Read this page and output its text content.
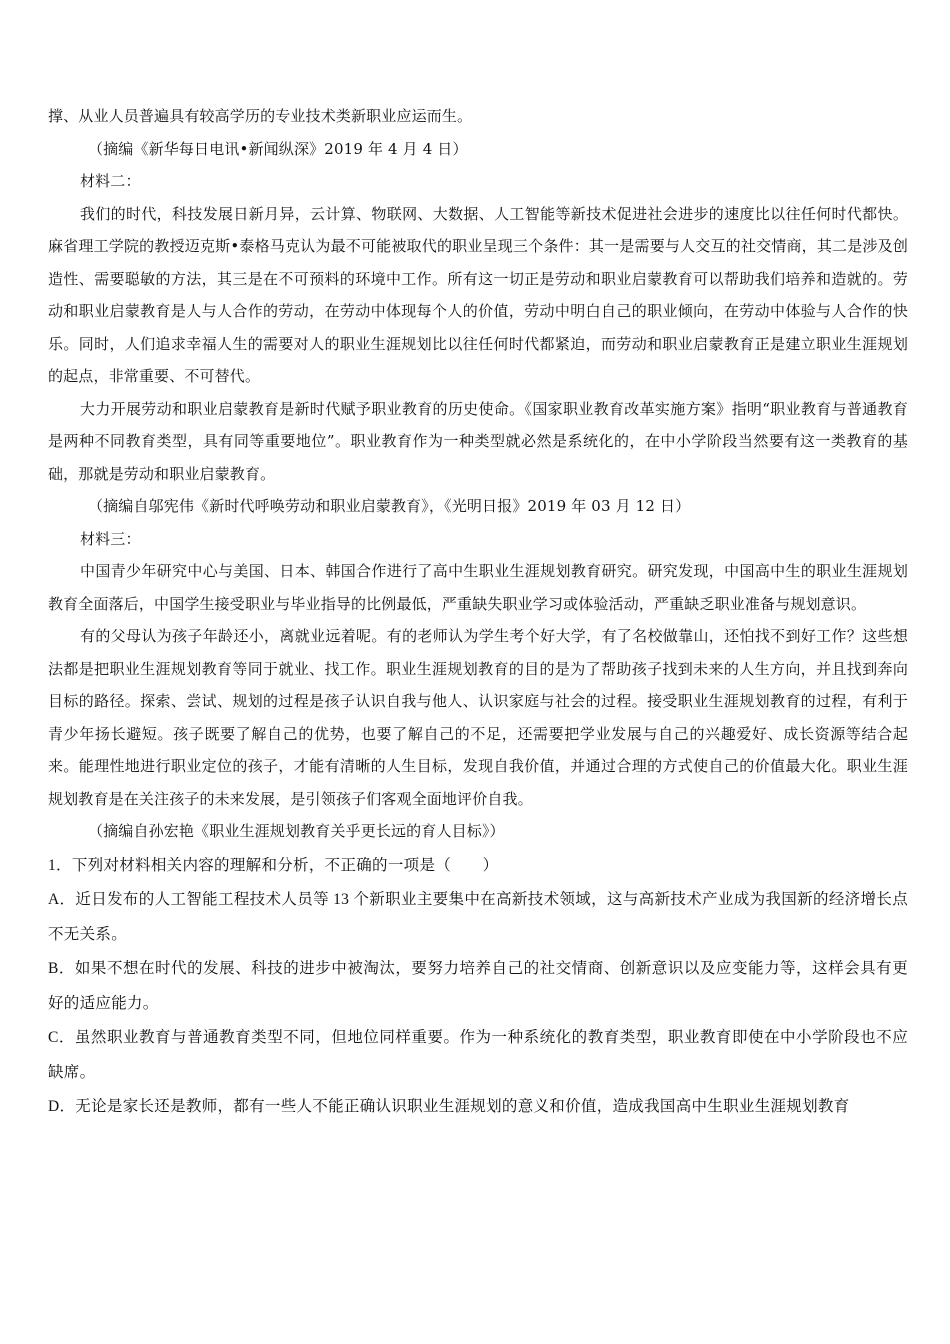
撑、从业人员普遍具有较高学历的专业技术类新职业应运而生。

（摘编《新华每日电讯•新闻纵深》2019 年 4 月 4 日）

材料二：

我们的时代，科技发展日新月异，云计算、物联网、大数据、人工智能等新技术促进社会进步的速度比以往任何时代都快。麻省理工学院的教授迈克斯•泰格马克认为最不可能被取代的职业呈现三个条件：其一是需要与人交互的社交情商，其二是涉及创造性、需要聪敏的方法，其三是在不可预料的环境中工作。所有这一切正是劳动和职业启蒙教育可以帮助我们培养和造就的。劳动和职业启蒙教育是人与人合作的劳动，在劳动中体现每个人的价值，劳动中明白自己的职业倾向，在劳动中体验与人合作的快乐。同时，人们追求幸福人生的需要对人的职业生涯规划比以往任何时代都紧迫，而劳动和职业启蒙教育正是建立职业生涯规划的起点，非常重要、不可替代。

大力开展劳动和职业启蒙教育是新时代赋予职业教育的历史使命。《国家职业教育改革实施方案》指明“职业教育与普通教育是两种不同教育类型，具有同等重要地位”。职业教育作为一种类型就必然是系统化的，在中小学阶段当然要有这一类教育的基础，那就是劳动和职业启蒙教育。

（摘编自邬宪伟《新时代呼唤劳动和职业启蒙教育》，《光明日报》2019 年 03 月 12 日）

材料三：

中国青少年研究中心与美国、日本、韩国合作进行了高中生职业生涯规划教育研究。研究发现，中国高中生的职业生涯规划教育全面落后，中国学生接受职业与毕业指导的比例最低，严重缺失职业学习或体验活动，严重缺乏职业准备与规划意识。

有的父母认为孩子年龄还小，离就业远着呢。有的老师认为学生考个好大学，有了名校做靠山，还怕找不到好工作？这些想法都是把职业生涯规划教育等同于就业、找工作。职业生涯规划教育的目的是为了帮助孩子找到未来的人生方向，并且找到奔向目标的路径。探索、尝试、规划的过程是孩子认识自我与他人、认识家庭与社会的过程。接受职业生涯规划教育的过程，有利于青少年扬长避短。孩子既要了解自己的优势，也要了解自己的不足，还需要把学业发展与自己的兴趣爱好、成长资源等结合起来。能理性地进行职业定位的孩子，才能有清晰的人生目标，发现自我价值，并通过合理的方式使自己的价值最大化。职业生涯规划教育是在关注孩子的未来发展，是引领孩子们客观全面地评价自我。

（摘编自孙宏艳《职业生涯规划教育关乎更长远的育人目标》）

1．下列对材料相关内容的理解和分析，不正确的一项是（　　）

A．近日发布的人工智能工程技术人员等 13 个新职业主要集中在高新技术领域，这与高新技术产业成为我国新的经济增长点不无关系。

B．如果不想在时代的发展、科技的进步中被淘汰，要努力培养自己的社交情商、创新意识以及应变能力等，这样会具有更好的适应能力。

C．虽然职业教育与普通教育类型不同，但地位同样重要。作为一种系统化的教育类型，职业教育即使在中小学阶段也不应缺席。

D．无论是家长还是教师，都有一些人不能正确认识职业生涯规划的意义和价值，造成我国高中生职业生涯规划教育
